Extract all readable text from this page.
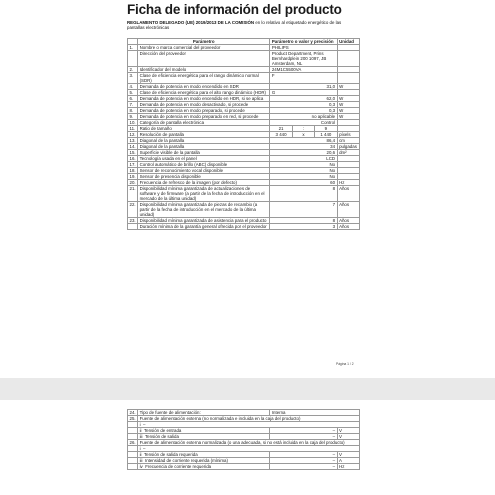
Ficha de información del producto
REGLAMENTO DELEGADO (UE) 2019/2013 DE LA COMISIÓN en lo relativo al etiquetado energético de las pantallas electrónicas
	Parámetro	Parámetro o valor y precisión	Unidad
1.	Nombre o marca comercial del proveedor	PHILIPS	
	Dirección del proveedor	Product Department, Prins Bernhardplein 200 1097, JB Amsterdam, NL	
2.	Identificador del modelo	24M1C5500VA	
3.	Clase de eficiencia energética para el rango dinámico normal (SDR)	F	
4.	Demanda de potencia en modo encendido en SDR	31,0	W
5.	Clase de eficiencia energética para el alto rango dinámico (HDR)	G	
6.	Demanda de potencia en modo encendido en HDR, si se aplica	62,0	W
7.	Demanda de potencia en modo desactivado, si procede	0,3	W
8.	Demanda de potencia en modo preparado, si procede	0,3	W
9.	Demanda de potencia en modo preparado en red, si procede	no aplicable	W
10.	Categoría de pantalla electrónica	Control	
11.	Ratio de tamaño	21 : 9	

12.	Resolución de pantalla	3 440 x 1 440	píxels
13.	Diagonal de la pantalla	86,4	cm
14.	Diagonal de la pantalla	34	pulgadas
15.	Superficie visible de la pantalla	20,6	dm²
16.	Tecnología usada en el panel	LCD	
17.	Control automático de brillo (ABC) disponible	No	
18.	Sensor de reconocimiento vocal disponible	No	
19.	Sensor de presencia disponible	No	
20.	Frecuencia de refresco de la imagen (por defecto)	60	Hz
21.	Disponibilidad mínima garantizada de actualizaciones de software y de firmware (a partir de la fecha de introducción en el mercado de la última unidad)	8	Años
22.	Disponibilidad mínima garantizada de piezas de recambio (a partir de la fecha de introducción en el mercado de la última unidad)	7	Años
23.	Disponibilidad mínima garantizada de asistencia para el producto	8	Años
	Duración mínima de la garantía general ofrecida por el proveedor	3	Años
Página 1 / 2
24.	Tipo de fuente de alimentación:	Interna	
25.	Fuente de alimentación externa (no normalizada e incluida en la caja del producto)		
	i –		
	ii Tensión de entrada	–	V
	iii Tensión de salida	–	V
26.	Fuente de alimentación externa normalizada (o una adecuada, si no está incluida en la caja del producto)		
	i –		
	ii Tensión de salida requerida	–	V
	iii Intensidad de corriente requerida (mínima)	–	A
	iv Frecuencia de corriente requerida	–	Hz
